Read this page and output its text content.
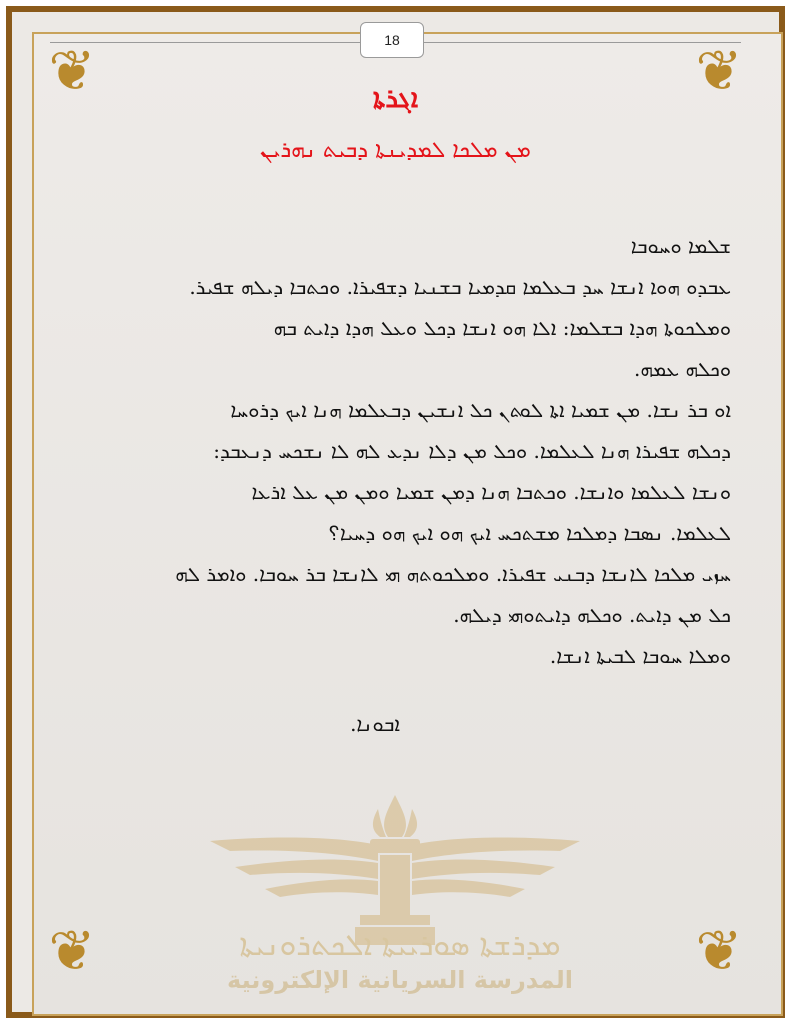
❦	❦
❦	❦
18
ܐܓܪܬܐ
ܡܢ ܡܠܟܐ ܠܡܕܝܢܬܐ ܕܒܝܬ ܢܗܪܝܢ

ܫܠܡܐ ܘܚܘܒܐ

ܥܒܕܘ ܗܘܐ ܐܢܫܐ ܚܕ ܒܥܠܡܐ ܩܕܡܝܐ ܒܫܢܝܐ ܕܫܦܝܪܐ. ܘܟܬܒܐ ܕܝܠܗ ܫܦܝܪ.

ܘܡܠܟܘܬܐ ܗܕܐ ܒܫܠܡܐ: ܐܠܐ ܗܘ ܐܢܫܐ ܕܟܠ ܘܥܠ ܗܕܐ ܕܐܝܬ ܒܗ

ܘܟܠܗ ܥܡܗ.

ܐܘ ܒܪ ܢܫܐ. ܡܢ ܫܡܝܐ ܐܬܐ ܠܘܬܢ ܟܠ ܐܢܫܝܢ ܕܒܥܠܡܐ ܗܢܐ ܐܝܟ ܕܪܘܚܐ

ܕܟܠܗ ܫܦܝܪܐ ܗܢܐ ܠܥܠܡܐ. ܘܟܠ ܡܢ ܕܠܐ ܢܕܥ ܠܗ ܠܐ ܢܫܟܚ ܕܢܥܒܕ:

ܘܢܫܐ ܠܥܠܡܐ ܘܐܢܫܐ. ܘܟܬܒܐ ܗܢܐ ܕܡܢ ܫܡܝܐ ܘܡܢ ܡܢ ܥܠ ܐܪܥܐ

ܠܥܠܡܐ. ܢܣܒܐ ܕܡܠܟܐ ܡܫܬܟܚ ܐܝܟ ܗܘ ܐܝܟ ܗܘ ܕܚܝܐ؟

ܚܙܝ ܡܠܟܐ ܠܐܢܫܐ ܕܒܢܝ ܫܦܝܪܐ. ܘܡܠܟܘܬܗ ܗܝ ܠܐܢܫܐ ܒܪ ܚܘܒܐ. ܘܐܡܪ ܠܗ

ܟܠ ܡܢ ܕܐܝܬ. ܘܟܠܗ ܕܐܝܬܘܗܝ ܕܝܠܗ.

ܘܡܠܐ ܚܘܒܐ ܠܒܝܬܐ ܐܢܫܐ.

ܐܒܘܢܐ.
ܡܕܪܫܬܐ ܣܘܪܝܝܬܐ ܐܠܟܬܪܘܢܝܬܐ
المدرسة السريانية الإلكترونية
